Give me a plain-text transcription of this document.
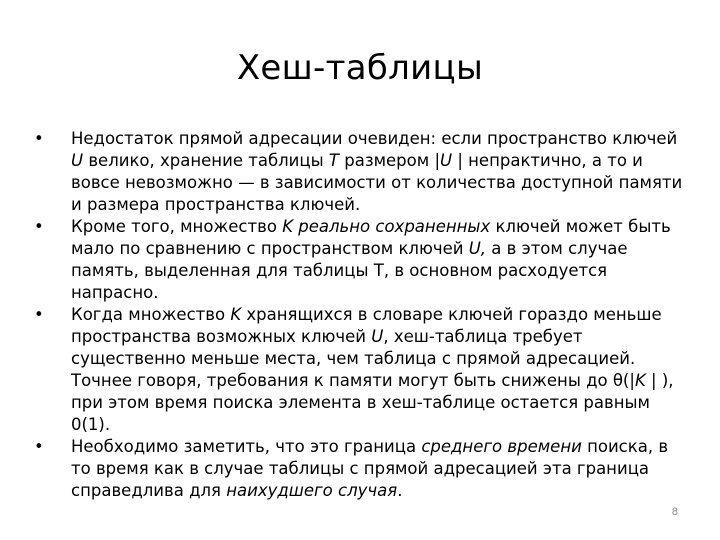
Хеш-таблицы
•	Недостаток прямой адресации очевиден: если пространство ключей U велико, хранение таблицы T размером |U | непрактично, а то и вовсе невозможно — в зависимости от количества доступной памяти и размера пространства ключей.
•	Кроме того, множество K реально сохраненных ключей может быть мало по сравнению с пространством ключей U, а в этом случае память, выделенная для таблицы T, в основном расходуется напрасно.
•	Когда множество K хранящихся в словаре ключей гораздо меньше пространства возможных ключей U, хеш-таблица требует существенно меньше места, чем таблица с прямой адресацией. Точнее говоря, требования к памяти могут быть снижены до θ(|K | ), при этом время поиска элемента в хеш-таблице остается равным 0(1).
•	Необходимо заметить, что это граница среднего времени поиска, в то время как в случае таблицы с прямой адресацией эта граница справедлива для наихудшего случая.
8
